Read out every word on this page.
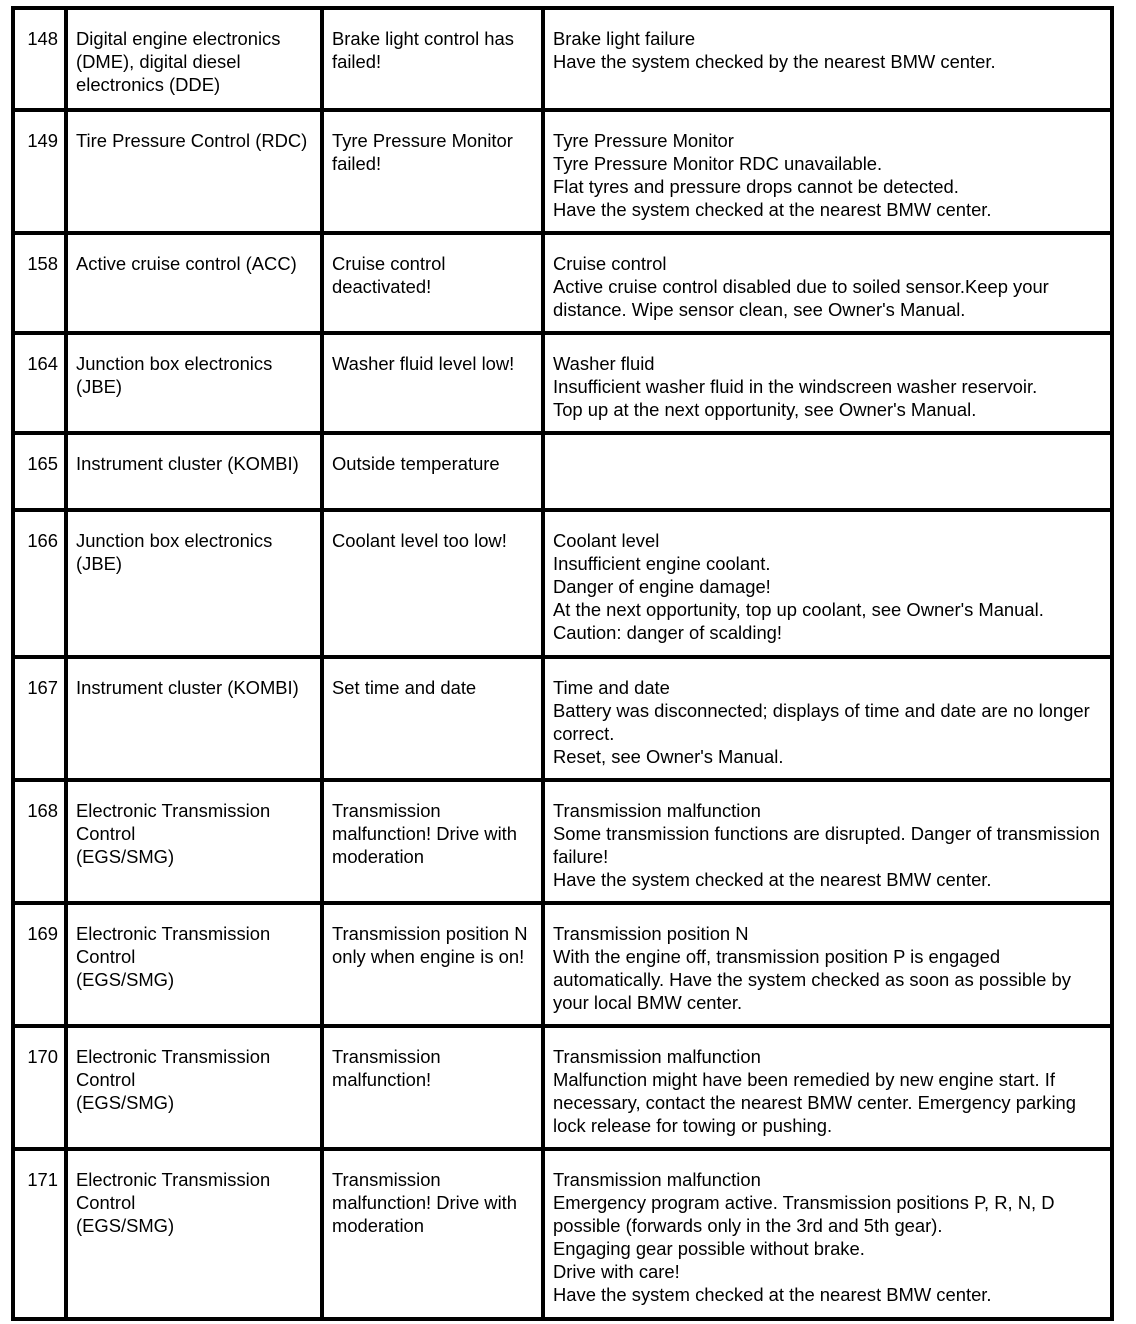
148	Digital engine electronics (DME), digital diesel electronics (DDE)	Brake light control has failed!	Brake light failure
Have the system checked by the nearest BMW center.
149	Tire Pressure Control (RDC)	Tyre Pressure Monitor failed!	Tyre Pressure Monitor
Tyre Pressure Monitor RDC unavailable.
Flat tyres and pressure drops cannot be detected.
Have the system checked at the nearest BMW center.
158	Active cruise control (ACC)	Cruise control deactivated!	Cruise control
Active cruise control disabled due to soiled sensor.Keep your distance. Wipe sensor clean, see Owner's Manual.
164	Junction box electronics (JBE)	Washer fluid level low!	Washer fluid
Insufficient washer fluid in the windscreen washer reservoir.
Top up at the next opportunity, see Owner's Manual.
165	Instrument cluster (KOMBI)	Outside temperature	
166	Junction box electronics (JBE)	Coolant level too low!	Coolant level
Insufficient engine coolant.
Danger of engine damage!
At the next opportunity, top up coolant, see Owner's Manual.
Caution: danger of scalding!
167	Instrument cluster (KOMBI)	Set time and date	Time and date
Battery was disconnected; displays of time and date are no longer correct.
Reset, see Owner's Manual.
168	Electronic Transmission Control
(EGS/SMG)	Transmission malfunction! Drive with moderation	Transmission malfunction
Some transmission functions are disrupted. Danger of transmission failure!
Have the system checked at the nearest BMW center.
169	Electronic Transmission Control
(EGS/SMG)	Transmission position N only when engine is on!	Transmission position N
With the engine off, transmission position P is engaged automatically. Have the system checked as soon as possible by your local BMW center.
170	Electronic Transmission Control
(EGS/SMG)	Transmission malfunction!	Transmission malfunction
Malfunction might have been remedied by new engine start. If necessary, contact the nearest BMW center. Emergency parking lock release for towing or pushing.
171	Electronic Transmission Control
(EGS/SMG)	Transmission malfunction! Drive with moderation	Transmission malfunction
Emergency program active. Transmission positions P, R, N, D possible (forwards only in the 3rd and 5th gear).
Engaging gear possible without brake.
Drive with care!
Have the system checked at the nearest BMW center.
